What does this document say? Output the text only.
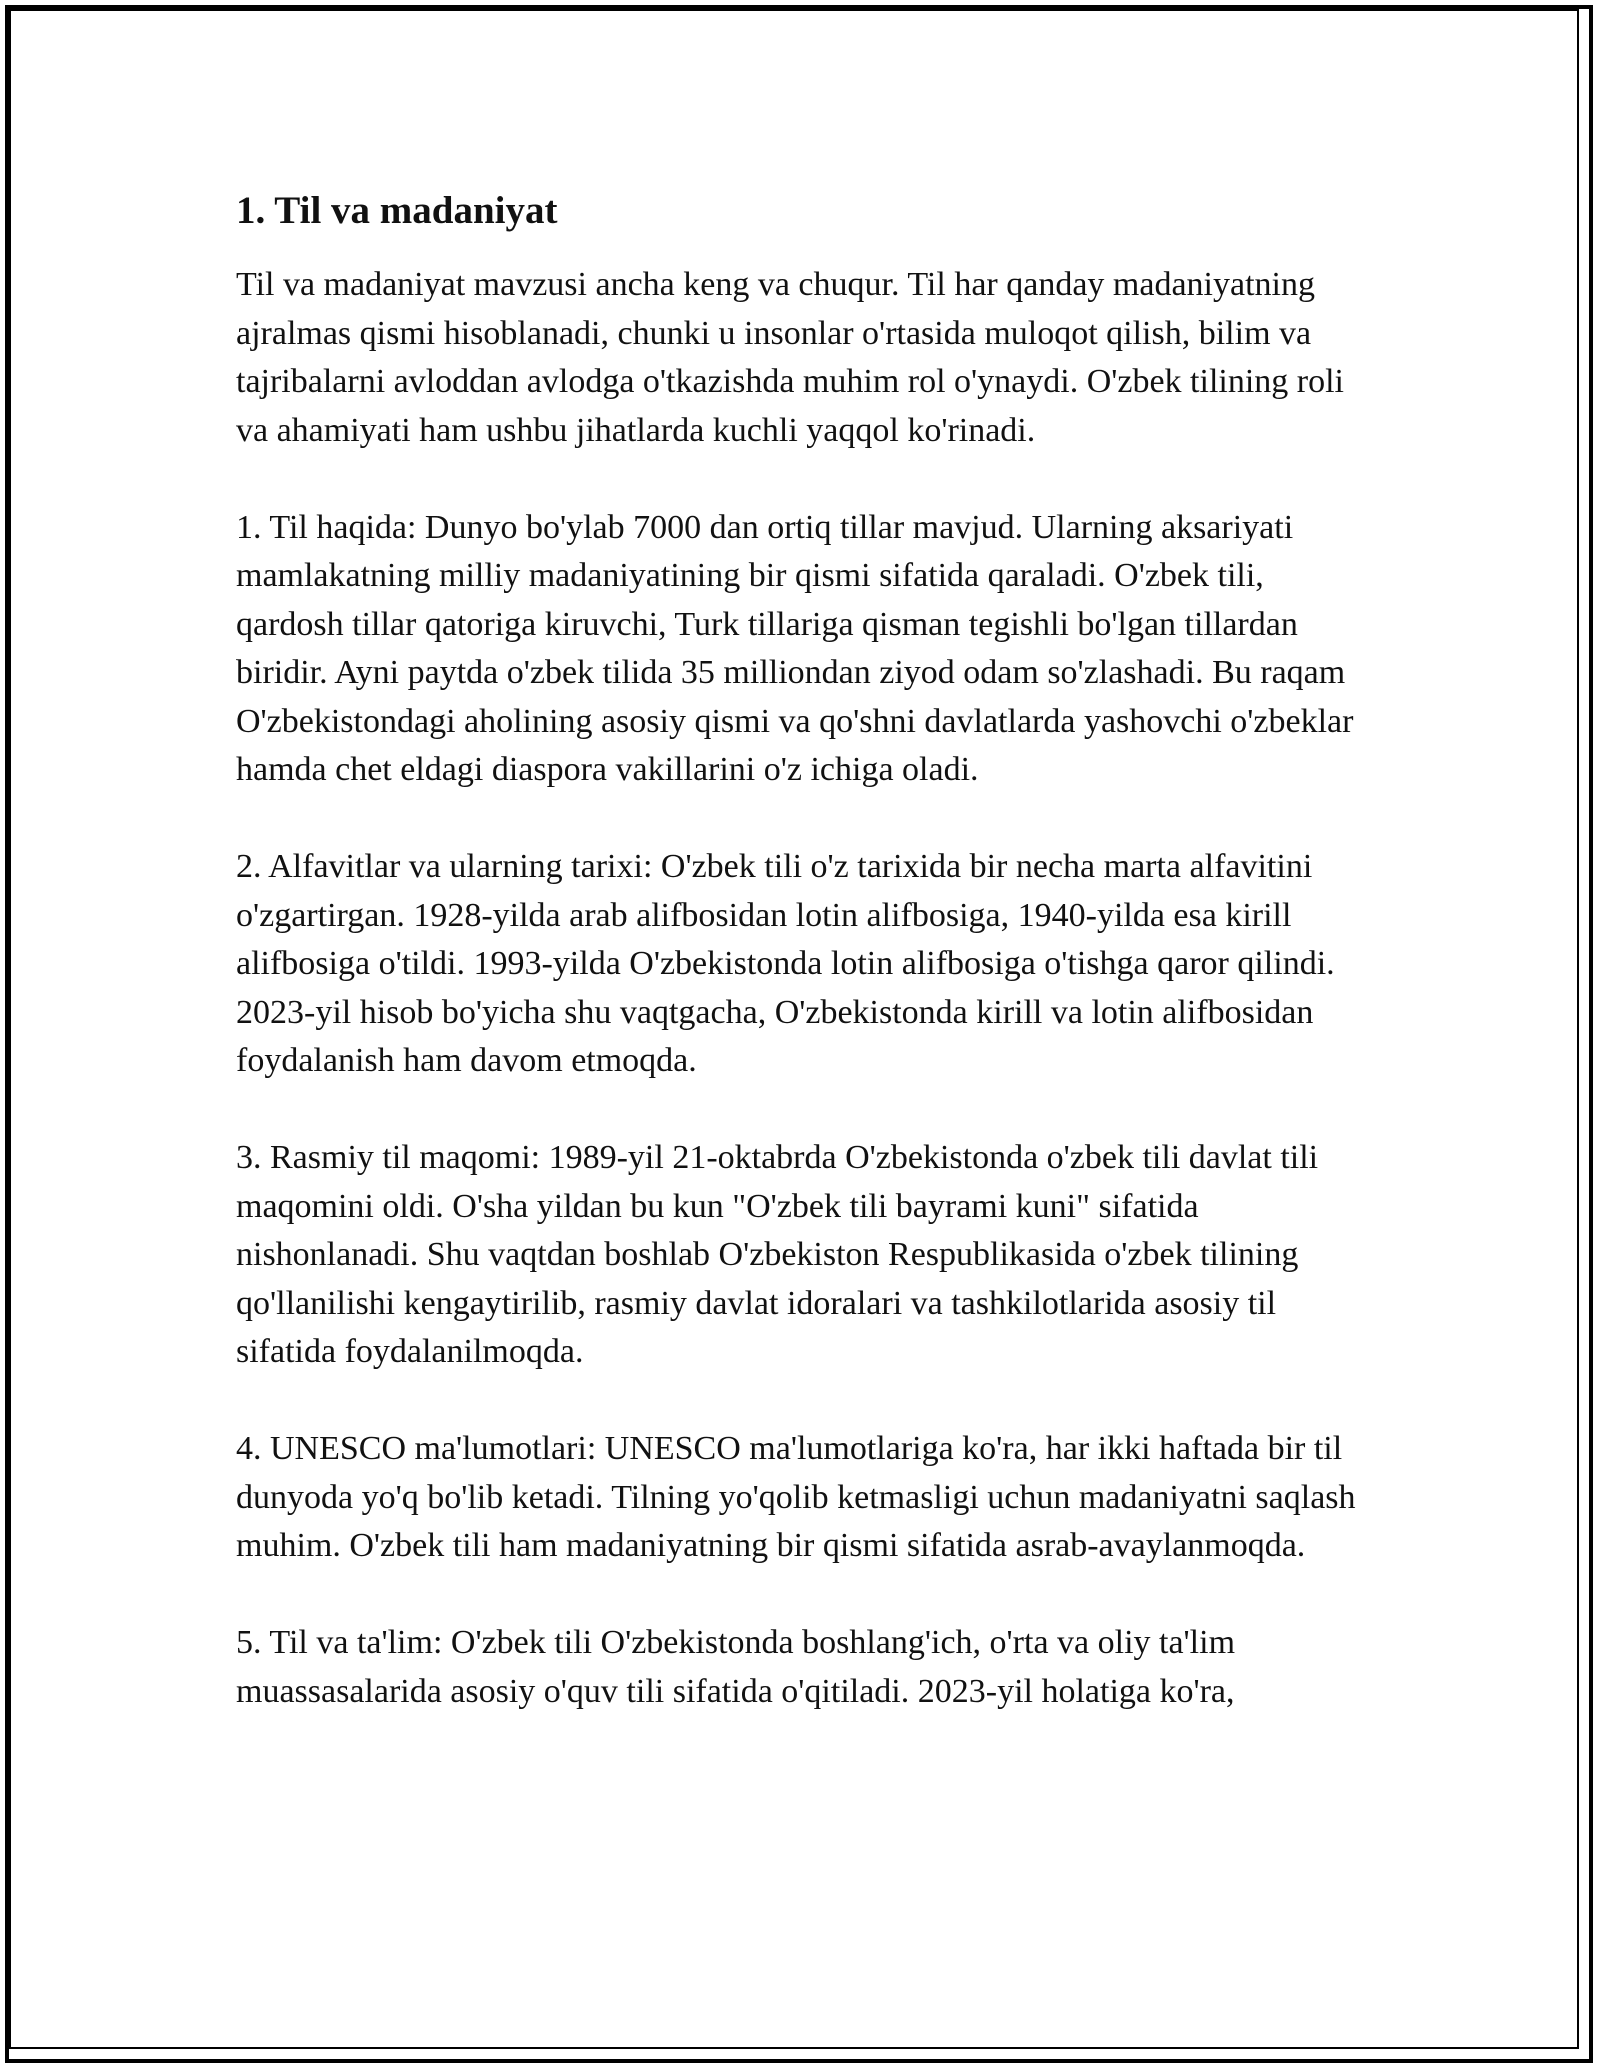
1. Til va madaniyat

Til va madaniyat mavzusi ancha keng va chuqur. Til har qanday madaniyatning ajralmas qismi hisoblanadi, chunki u insonlar o'rtasida muloqot qilish, bilim va tajribalarni avloddan avlodga o'tkazishda muhim rol o'ynaydi. O'zbek tilining roli va ahamiyati ham ushbu jihatlarda kuchli yaqqol ko'rinadi.

1. Til haqida: Dunyo bo'ylab 7000 dan ortiq tillar mavjud. Ularning aksariyati mamlakatning milliy madaniyatining bir qismi sifatida qaraladi. O'zbek tili, qardosh tillar qatoriga kiruvchi, Turk tillariga qisman tegishli bo'lgan tillardan biridir. Ayni paytda o'zbek tilida 35 milliondan ziyod odam so'zlashadi. Bu raqam O'zbekistondagi aholining asosiy qismi va qo'shni davlatlarda yashovchi o'zbeklar hamda chet eldagi diaspora vakillarini o'z ichiga oladi.

2. Alfavitlar va ularning tarixi: O'zbek tili o'z tarixida bir necha marta alfavitini o'zgartirgan. 1928-yilda arab alifbosidan lotin alifbosiga, 1940-yilda esa kirill alifbosiga o'tildi. 1993-yilda O'zbekistonda lotin alifbosiga o'tishga qaror qilindi. 2023-yil hisob bo'yicha shu vaqtgacha, O'zbekistonda kirill va lotin alifbosidan foydalanish ham davom etmoqda.

3. Rasmiy til maqomi: 1989-yil 21-oktabrda O'zbekistonda o'zbek tili davlat tili maqomini oldi. O'sha yildan bu kun "O'zbek tili bayrami kuni" sifatida nishonlanadi. Shu vaqtdan boshlab O'zbekiston Respublikasida o'zbek tilining qo'llanilishi kengaytirilib, rasmiy davlat idoralari va tashkilotlarida asosiy til sifatida foydalanilmoqda.

4. UNESCO ma'lumotlari: UNESCO ma'lumotlariga ko'ra, har ikki haftada bir til dunyoda yo'q bo'lib ketadi. Tilning yo'qolib ketmasligi uchun madaniyatni saqlash muhim. O'zbek tili ham madaniyatning bir qismi sifatida asrab-avaylanmoqda.

5. Til va ta'lim: O'zbek tili O'zbekistonda boshlang'ich, o'rta va oliy ta'lim muassasalarida asosiy o'quv tili sifatida o'qitiladi. 2023-yil holatiga ko'ra,
